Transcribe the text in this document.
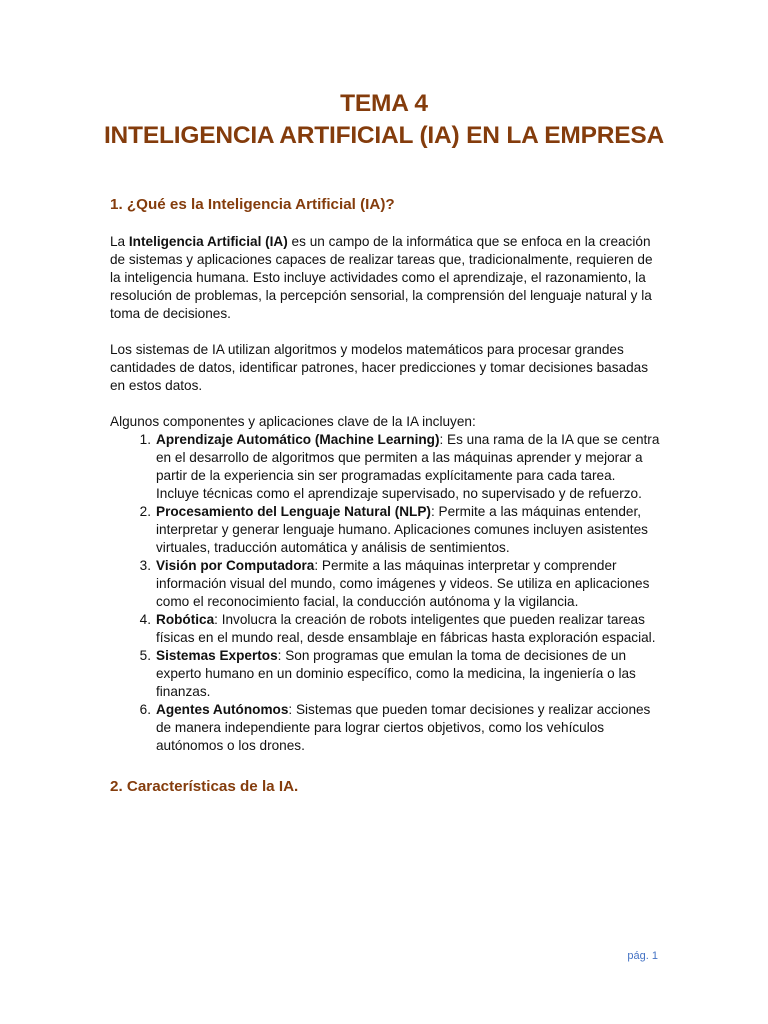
TEMA 4
INTELIGENCIA ARTIFICIAL (IA) EN LA EMPRESA
1. ¿Qué es la Inteligencia Artificial (IA)?

La Inteligencia Artificial (IA) es un campo de la informática que se enfoca en la creación de sistemas y aplicaciones capaces de realizar tareas que, tradicionalmente, requieren de la inteligencia humana. Esto incluye actividades como el aprendizaje, el razonamiento, la resolución de problemas, la percepción sensorial, la comprensión del lenguaje natural y la toma de decisiones.

Los sistemas de IA utilizan algoritmos y modelos matemáticos para procesar grandes cantidades de datos, identificar patrones, hacer predicciones y tomar decisiones basadas en estos datos.

Algunos componentes y aplicaciones clave de la IA incluyen:

1. Aprendizaje Automático (Machine Learning): Es una rama de la IA que se centra en el desarrollo de algoritmos que permiten a las máquinas aprender y mejorar a partir de la experiencia sin ser programadas explícitamente para cada tarea. Incluye técnicas como el aprendizaje supervisado, no supervisado y de refuerzo.
2. Procesamiento del Lenguaje Natural (NLP): Permite a las máquinas entender, interpretar y generar lenguaje humano. Aplicaciones comunes incluyen asistentes virtuales, traducción automática y análisis de sentimientos.
3. Visión por Computadora: Permite a las máquinas interpretar y comprender información visual del mundo, como imágenes y videos. Se utiliza en aplicaciones como el reconocimiento facial, la conducción autónoma y la vigilancia.
4. Robótica: Involucra la creación de robots inteligentes que pueden realizar tareas físicas en el mundo real, desde ensamblaje en fábricas hasta exploración espacial.
5. Sistemas Expertos: Son programas que emulan la toma de decisiones de un experto humano en un dominio específico, como la medicina, la ingeniería o las finanzas.
6. Agentes Autónomos: Sistemas que pueden tomar decisiones y realizar acciones de manera independiente para lograr ciertos objetivos, como los vehículos autónomos o los drones.
2. Características de la IA.
pág. 1
